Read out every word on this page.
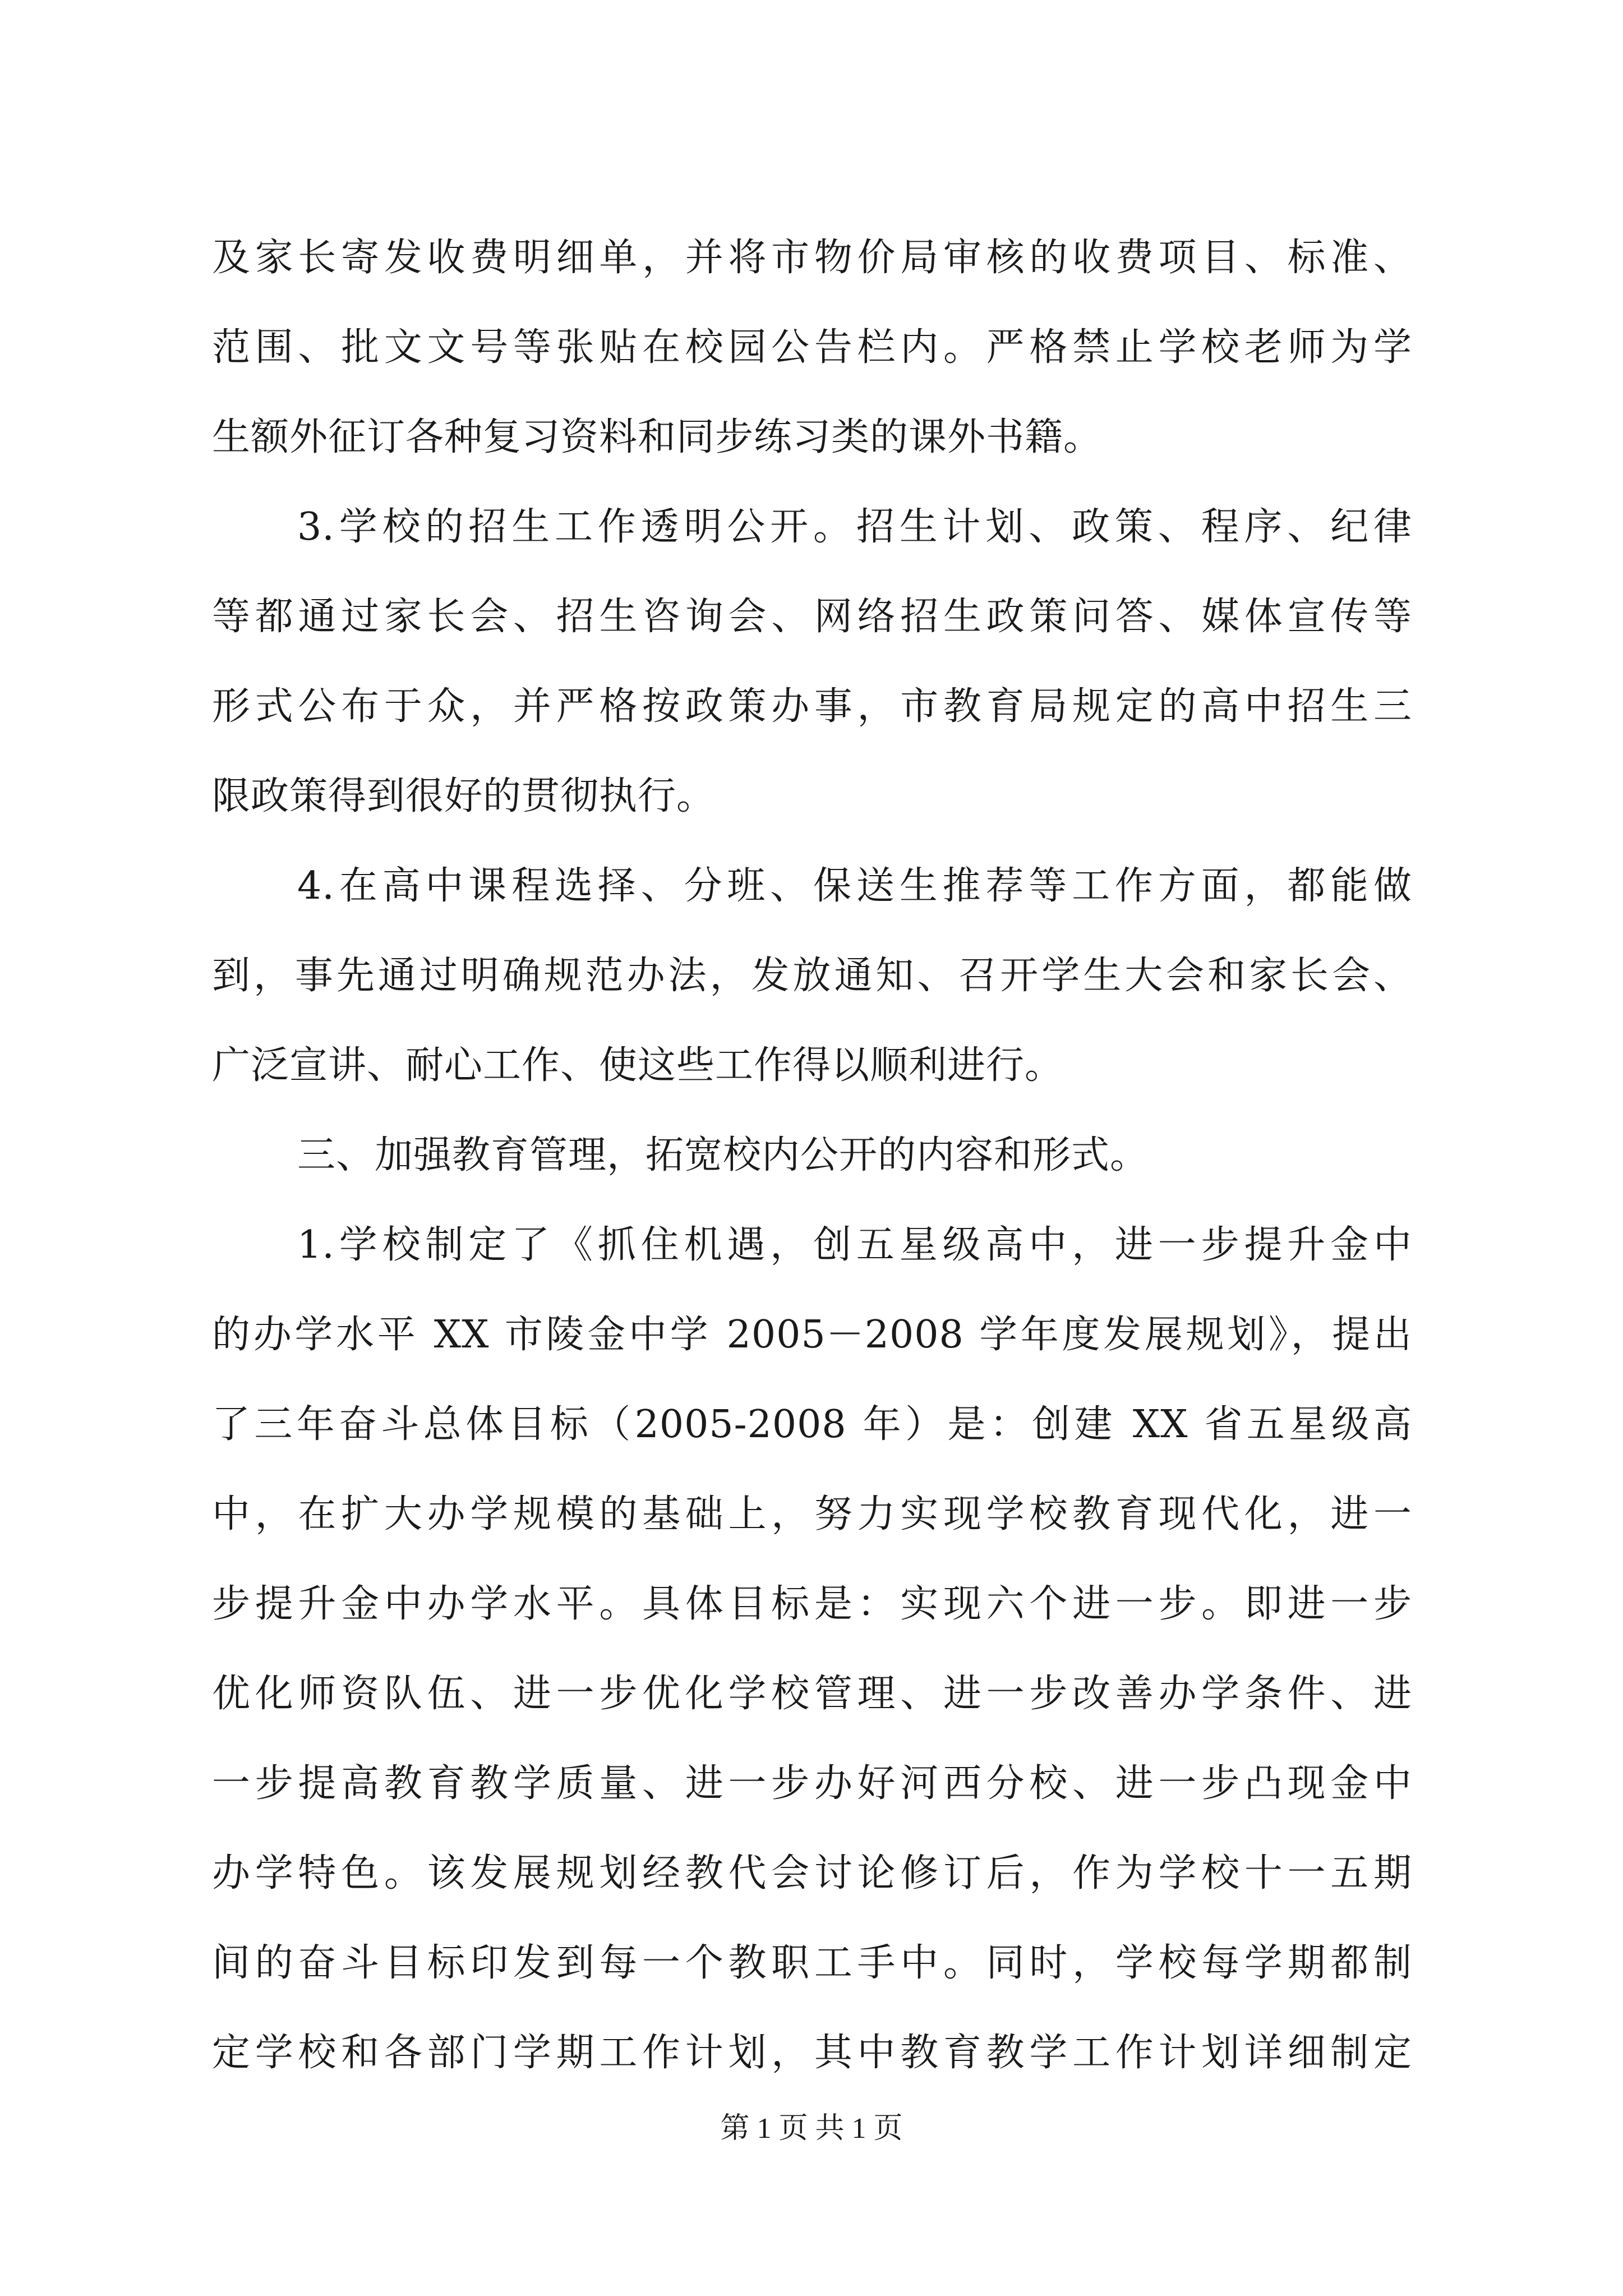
及家长寄发收费明细单，并将市物价局审核的收费项目、标准、
范围、批文文号等张贴在校园公告栏内。严格禁止学校老师为学
生额外征订各种复习资料和同步练习类的课外书籍。
3.学校的招生工作透明公开。招生计划、政策、程序、纪律
等都通过家长会、招生咨询会、网络招生政策问答、媒体宣传等
形式公布于众，并严格按政策办事，市教育局规定的高中招生三
限政策得到很好的贯彻执行。
4.在高中课程选择、分班、保送生推荐等工作方面，都能做
到，事先通过明确规范办法，发放通知、召开学生大会和家长会、
广泛宣讲、耐心工作、使这些工作得以顺利进行。
三、加强教育管理，拓宽校内公开的内容和形式。
1.学校制定了《抓住机遇，创五星级高中，进一步提升金中
的办学水平 XX 市陵金中学 2005－2008 学年度发展规划》，提出
了三年奋斗总体目标（2005-2008 年）是：创建 XX 省五星级高
中，在扩大办学规模的基础上，努力实现学校教育现代化，进一
步提升金中办学水平。具体目标是：实现六个进一步。即进一步
优化师资队伍、进一步优化学校管理、进一步改善办学条件、进
一步提高教育教学质量、进一步办好河西分校、进一步凸现金中
办学特色。该发展规划经教代会讨论修订后，作为学校十一五期
间的奋斗目标印发到每一个教职工手中。同时，学校每学期都制
定学校和各部门学期工作计划，其中教育教学工作计划详细制定
第 1 页 共 1 页
